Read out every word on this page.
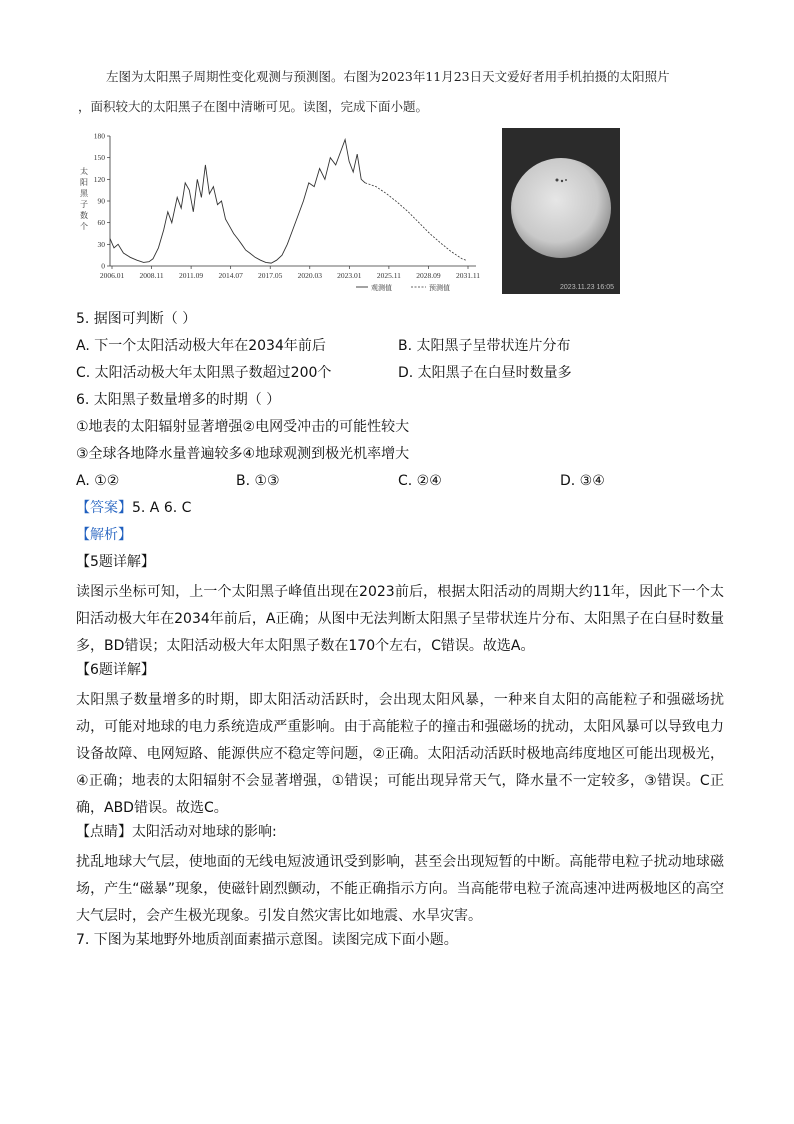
左图为太阳黑子周期性变化观测与预测图。右图为2023年11月23日天文爱好者用手机拍摄的太阳照片
，面积较大的太阳黑子在图中清晰可见。读图，完成下面小题。
太
阳
黑
子
数
个
0
30
60
90
120
150
180
2006.01 2008.11 2011.09 2014.07 2017.05 2020.03 2023.01 2025.11 2028.09 2031.11
观测值	预测值	2023.11.23 16:05
5. 据图可判断（ ）
A. 下一个太阳活动极大年在2034年前后	B. 太阳黑子呈带状连片分布
C. 太阳活动极大年太阳黑子数超过200个	D. 太阳黑子在白昼时数量多
6. 太阳黑子数量增多的时期（ ）
①地表的太阳辐射显著增强②电网受冲击的可能性较大
③全球各地降水量普遍较多④地球观测到极光机率增大
A. ①②	B. ①③	C. ②④	D. ③④
【答案】5. A 6. C
【解析】
【5题详解】
读图示坐标可知，上一个太阳黑子峰值出现在2023前后，根据太阳活动的周期大约11年，因此下一个太阳活动极大年在2034年前后，A正确；从图中无法判断太阳黑子呈带状连片分布、太阳黑子在白昼时数量多，BD错误；太阳活动极大年太阳黑子数在170个左右，C错误。故选A。
【6题详解】
太阳黑子数量增多的时期，即太阳活动活跃时，会出现太阳风暴，一种来自太阳的高能粒子和强磁场扰动，可能对地球的电力系统造成严重影响。由于高能粒子的撞击和强磁场的扰动，太阳风暴可以导致电力设备故障、电网短路、能源供应不稳定等问题，②正确。太阳活动活跃时极地高纬度地区可能出现极光，④正确；地表的太阳辐射不会显著增强，①错误；可能出现异常天气，降水量不一定较多，③错误。C正确，ABD错误。故选C。
【点睛】太阳活动对地球的影响:
扰乱地球大气层，使地面的无线电短波通讯受到影响，甚至会出现短暂的中断。高能带电粒子扰动地球磁场，产生“磁暴”现象，使磁针剧烈颤动，不能正确指示方向。当高能带电粒子流高速冲进两极地区的高空大气层时，会产生极光现象。引发自然灾害比如地震、水旱灾害。
7. 下图为某地野外地质剖面素描示意图。读图完成下面小题。
